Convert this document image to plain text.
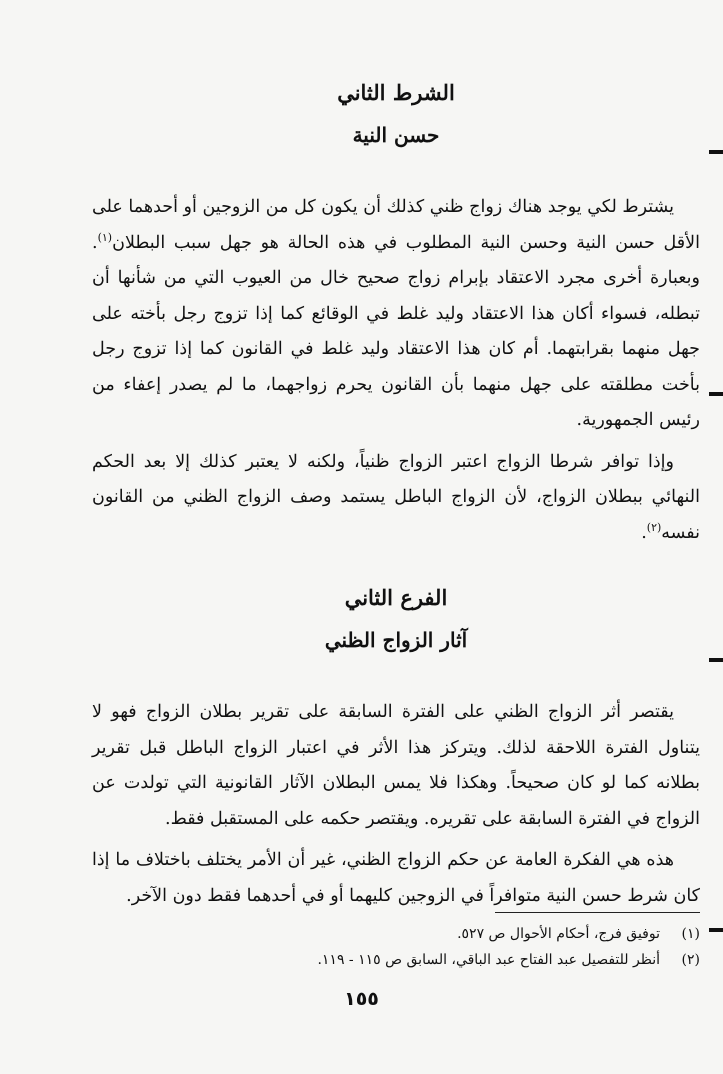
الشرط الثاني
حسن النية

يشترط لكي يوجد هناك زواج ظني كذلك أن يكون كل من الزوجين أو أحدهما على الأقل حسن النية وحسن النية المطلوب في هذه الحالة هو جهل سبب البطلان$^{(١)}$. وبعبارة أخرى مجرد الاعتقاد بإبرام زواج صحيح خال من العيوب التي من شأنها أن تبطله، فسواء أكان هذا الاعتقاد وليد غلط في الوقائع كما إذا تزوج رجل بأخته على جهل منهما بقرابتهما. أم كان هذا الاعتقاد وليد غلط في القانون كما إذا تزوج رجل بأخت مطلقته على جهل منهما بأن القانون يحرم زواجهما، ما لم يصدر إعفاء من رئيس الجمهورية.

وإذا توافر شرطا الزواج اعتبر الزواج ظنياً، ولكنه لا يعتبر كذلك إلا بعد الحكم النهائي ببطلان الزواج، لأن الزواج الباطل يستمد وصف الزواج الظني من القانون نفسه$^{(٢)}$.

الفرع الثاني
آثار الزواج الظني

يقتصر أثر الزواج الظني على الفترة السابقة على تقرير بطلان الزواج فهو لا يتناول الفترة اللاحقة لذلك. ويتركز هذا الأثر في اعتبار الزواج الباطل قبل تقرير بطلانه كما لو كان صحيحاً. وهكذا فلا يمس البطلان الآثار القانونية التي تولدت عن الزواج في الفترة السابقة على تقريره. ويقتصر حكمه على المستقبل فقط.

هذه هي الفكرة العامة عن حكم الزواج الظني، غير أن الأمر يختلف باختلاف ما إذا كان شرط حسن النية متوافراً في الزوجين كليهما أو في أحدهما فقط دون الآخر.

(١)
توفيق فرج، أحكام الأحوال ص ٥٢٧.

(٢)
أنظر للتفصيل عبد الفتاح عبد الباقي، السابق ص ١١٥ - ١١٩.

١٥٥
